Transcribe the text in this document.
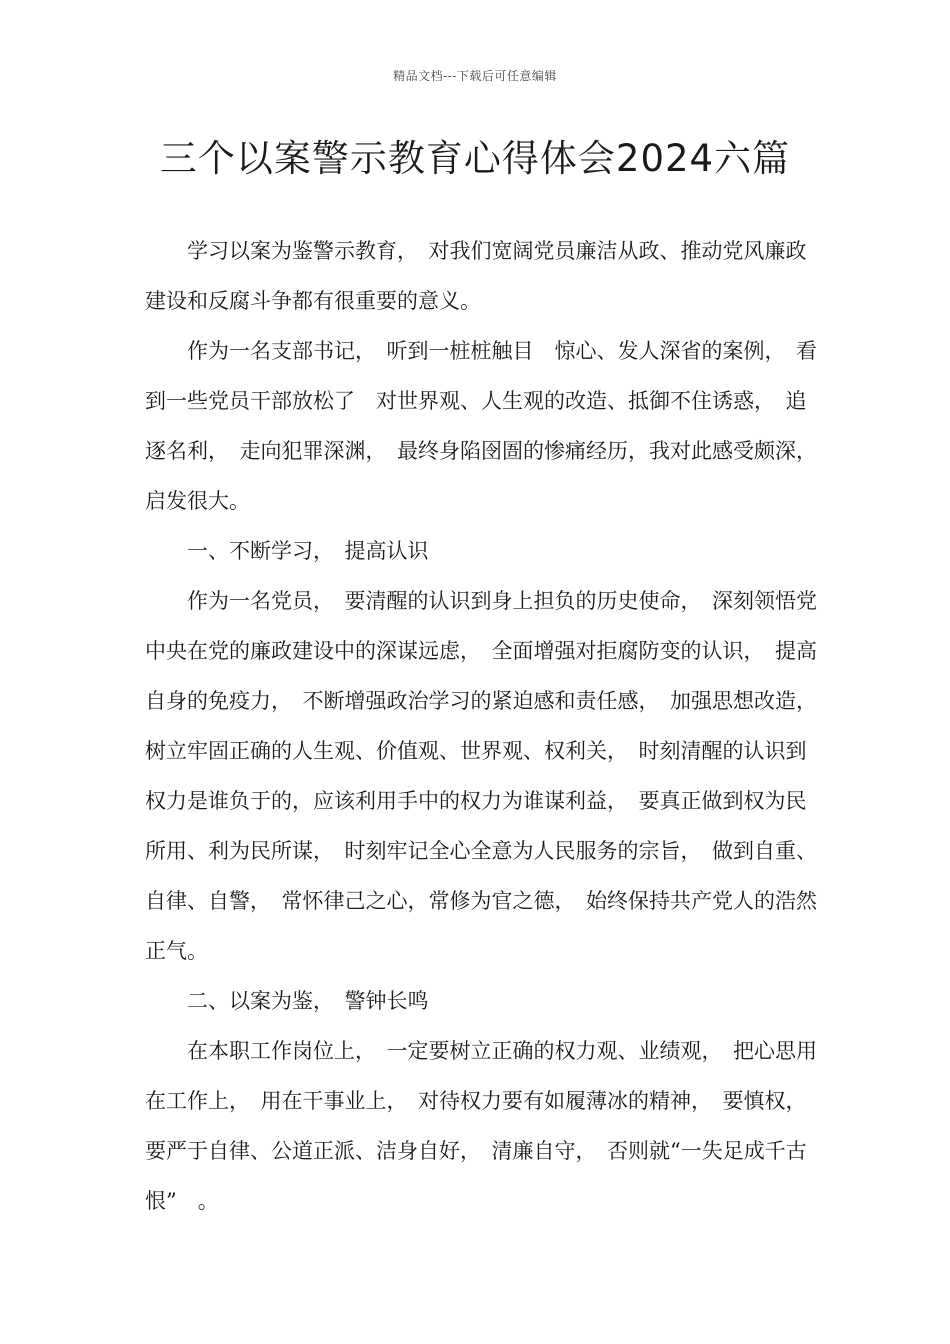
精品文档---下载后可任意编辑
三个以案警示教育心得体会2024六篇

学习以案为鉴警示教育，　对我们宽阔党员廉洁从政、推动党风廉政建设和反腐斗争都有很重要的意义。

作为一名支部书记，　听到一桩桩触目　惊心、发人深省的案例，　看到一些党员干部放松了　对世界观、人生观的改造、抵御不住诱惑，　追逐名利，　走向犯罪深渊，　最终身陷囹圄的惨痛经历，我对此感受颇深，　启发很大。

一、不断学习，　提高认识

作为一名党员，　要清醒的认识到身上担负的历史使命，　深刻领悟党中央在党的廉政建设中的深谋远虑，　全面增强对拒腐防变的认识，　提高自身的免疫力，　不断增强政治学习的紧迫感和责任感，　加强思想改造，　树立牢固正确的人生观、价值观、世界观、权利关，　时刻清醒的认识到权力是谁负于的，应该利用手中的权力为谁谋利益，　要真正做到权为民所用、利为民所谋，　时刻牢记全心全意为人民服务的宗旨，　做到自重、自律、自警，　常怀律己之心，常修为官之德，　始终保持共产党人的浩然正气。

二、以案为鉴，　警钟长鸣

在本职工作岗位上，　一定要树立正确的权力观、业绩观，　把心思用在工作上，　用在干事业上，　对待权力要有如履薄冰的精神，　要慎权，　要严于自律、公道正派、洁身自好，　清廉自守，　否则就“一失足成千古恨”　。
